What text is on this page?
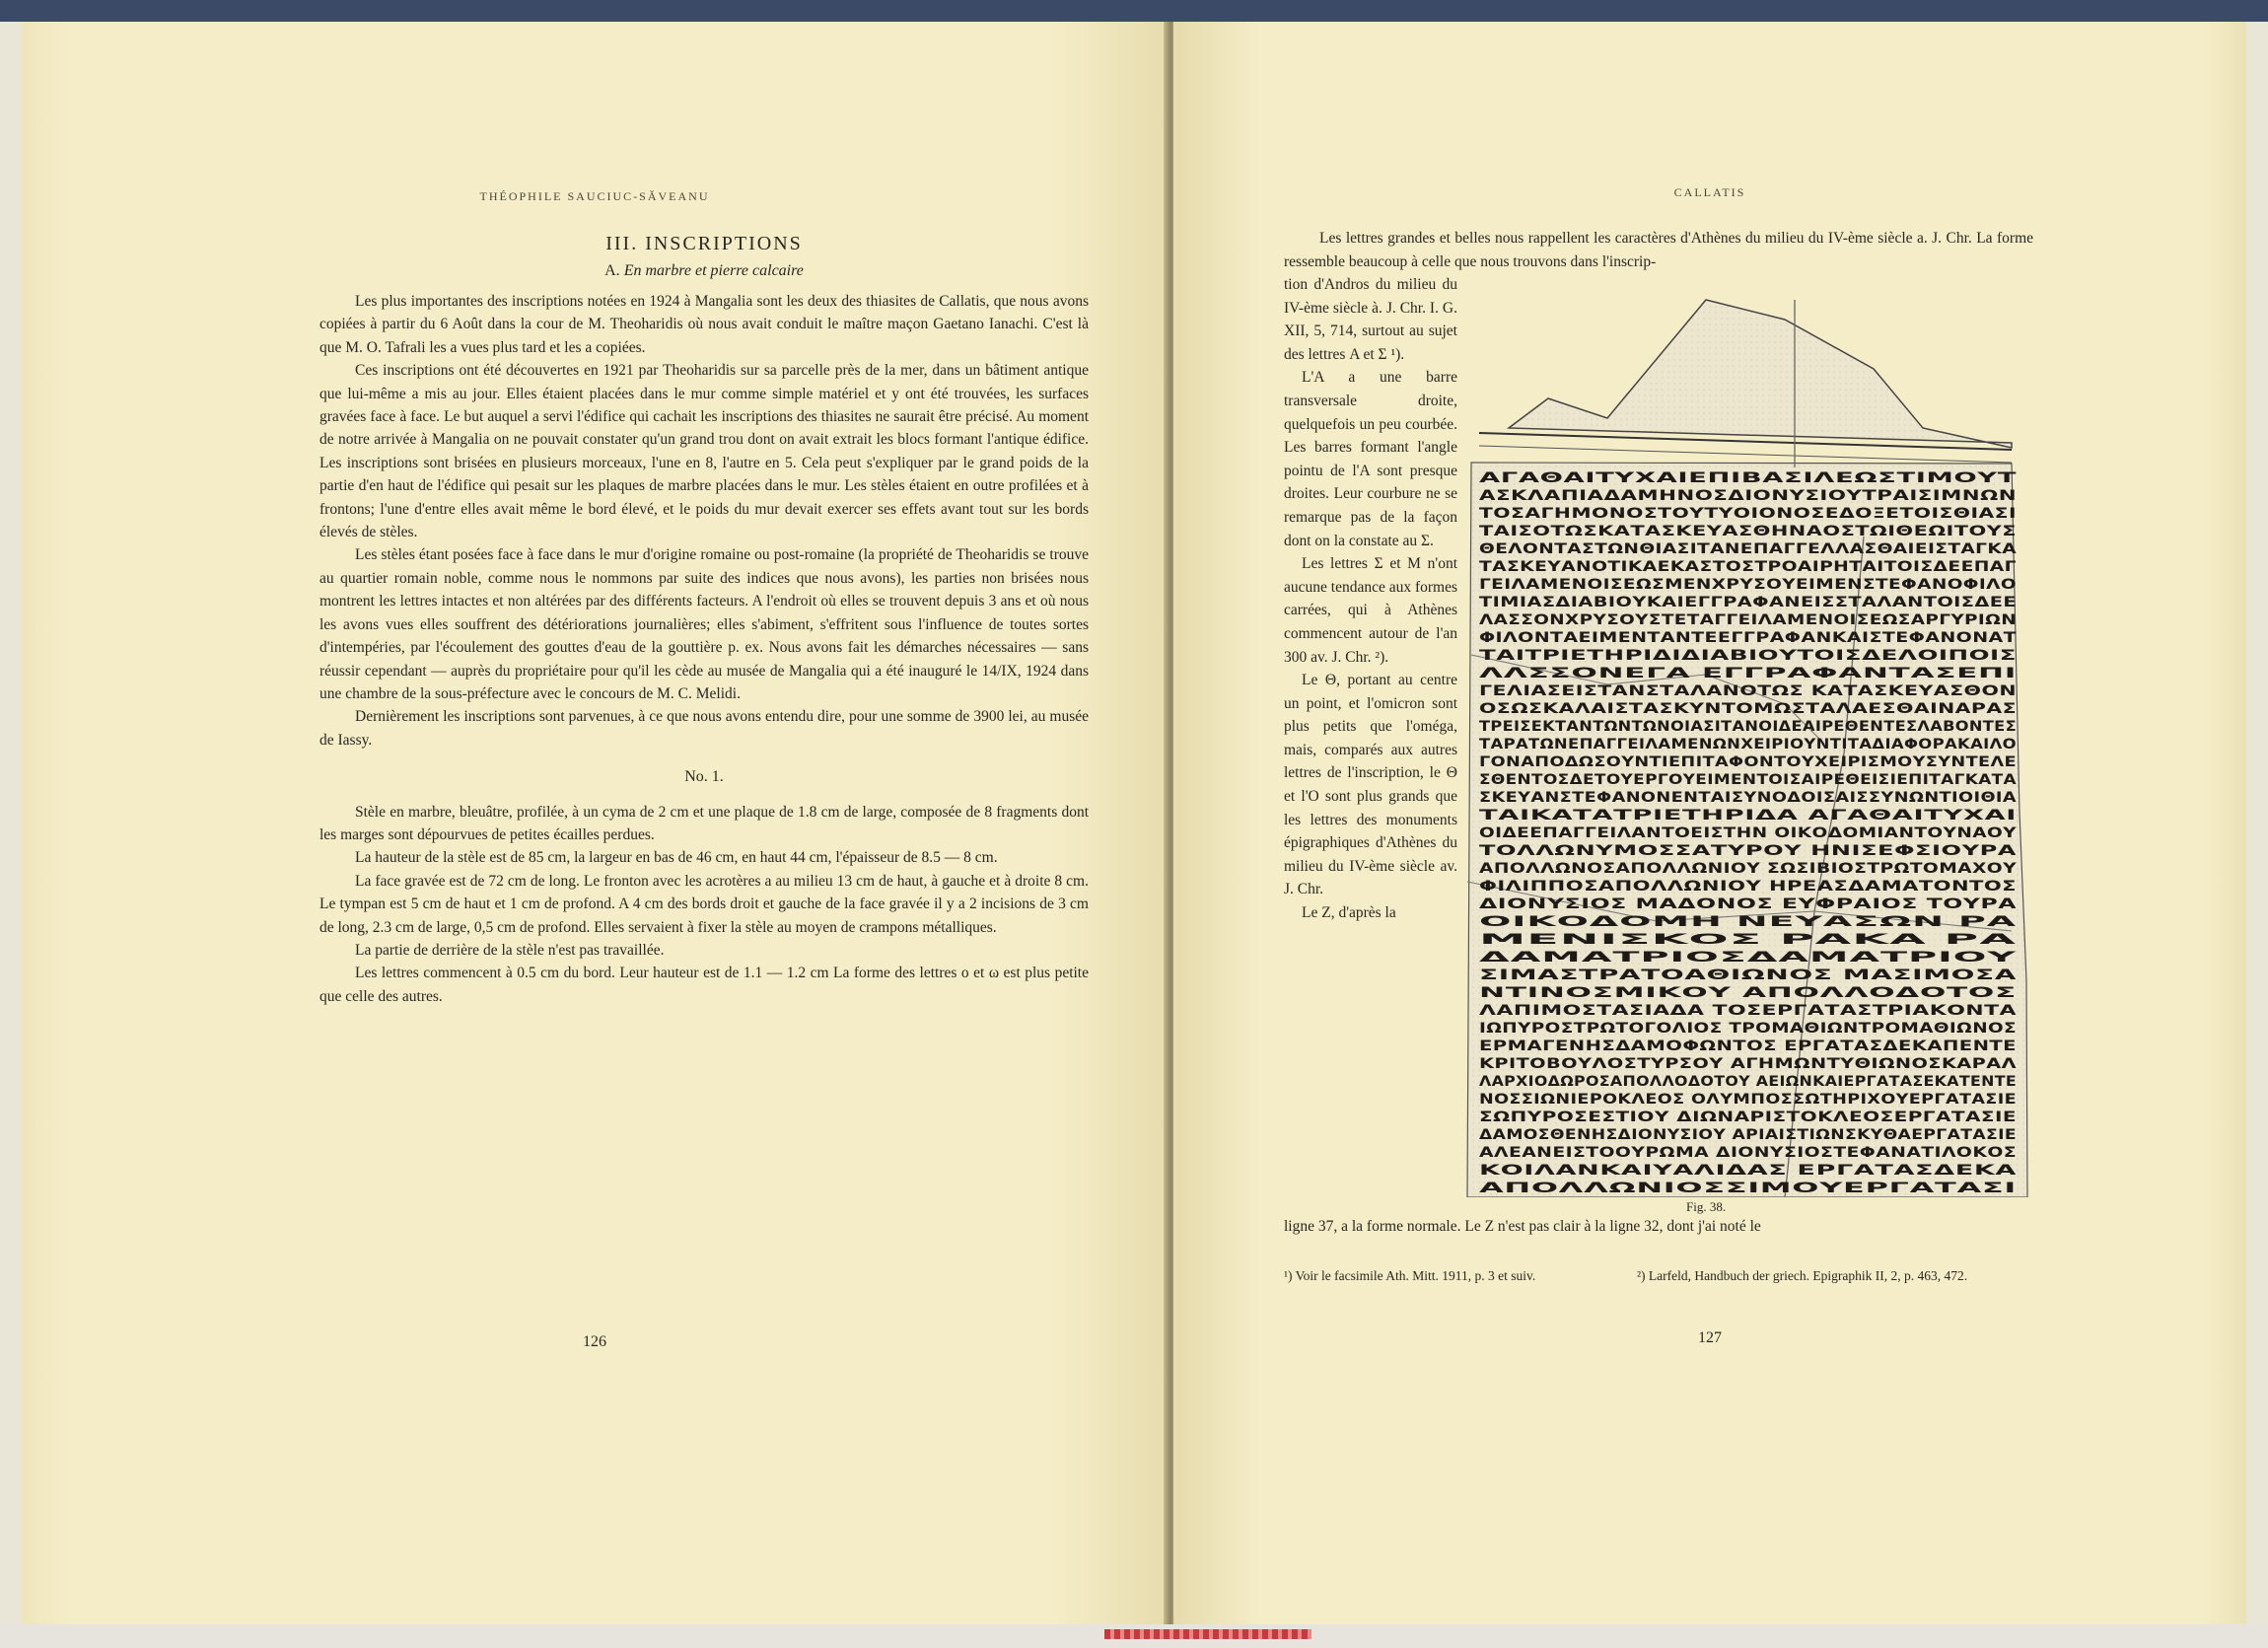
THÉOPHILE SAUCIUC-SĂVEANU
III. INSCRIPTIONS
A. En marbre et pierre calcaire

Les plus importantes des inscriptions notées en 1924 à Mangalia sont les deux des thiasites de Callatis, que nous avons copiées à partir du 6 Août dans la cour de M. Theoharidis où nous avait conduit le maître maçon Gaetano Ianachi. C'est là que M. O. Tafrali les a vues plus tard et les a copiées.

Ces inscriptions ont été découvertes en 1921 par Theoharidis sur sa parcelle près de la mer, dans un bâtiment antique que lui-même a mis au jour. Elles étaient placées dans le mur comme simple matériel et y ont été trouvées, les surfaces gravées face à face. Le but auquel a servi l'édifice qui cachait les inscriptions des thiasites ne saurait être précisé. Au moment de notre arrivée à Mangalia on ne pouvait constater qu'un grand trou dont on avait extrait les blocs formant l'antique édifice. Les inscriptions sont brisées en plusieurs morceaux, l'une en 8, l'autre en 5. Cela peut s'expliquer par le grand poids de la partie d'en haut de l'édifice qui pesait sur les plaques de marbre placées dans le mur. Les stèles étaient en outre profilées et à frontons; l'une d'entre elles avait même le bord élevé, et le poids du mur devait exercer ses effets avant tout sur les bords élevés de stèles.

Les stèles étant posées face à face dans le mur d'origine romaine ou post-romaine (la propriété de Theoharidis se trouve au quartier romain noble, comme nous le nommons par suite des indices que nous avons), les parties non brisées nous montrent les lettres intactes et non altérées par des différents facteurs. A l'endroit où elles se trouvent depuis 3 ans et où nous les avons vues elles souffrent des détériorations journalières; elles s'abiment, s'effritent sous l'influence de toutes sortes d'intempéries, par l'écoulement des gouttes d'eau de la gouttière p. ex. Nous avons fait les démarches nécessaires — sans réussir cependant — auprès du propriétaire pour qu'il les cède au musée de Mangalia qui a été inauguré le 14/IX, 1924 dans une chambre de la sous-préfecture avec le concours de M. C. Melidi.

Dernièrement les inscriptions sont parvenues, à ce que nous avons entendu dire, pour une somme de 3900 lei, au musée de Iassy.

No. 1.

Stèle en marbre, bleuâtre, profilée, à un cyma de 2 cm et une plaque de 1.8 cm de large, composée de 8 fragments dont les marges sont dépourvues de petites écailles perdues.

La hauteur de la stèle est de 85 cm, la largeur en bas de 46 cm, en haut 44 cm, l'épaisseur de 8.5 — 8 cm.

La face gravée est de 72 cm de long. Le fronton avec les acrotères a au milieu 13 cm de haut, à gauche et à droite 8 cm. Le tympan est 5 cm de haut et 1 cm de profond. A 4 cm des bords droit et gauche de la face gravée il y a 2 incisions de 3 cm de long, 2.3 cm de large, 0,5 cm de profond. Elles servaient à fixer la stèle au moyen de crampons métalliques.

La partie de derrière de la stèle n'est pas travaillée.

Les lettres commencent à 0.5 cm du bord. Leur hauteur est de 1.1 — 1.2 cm La forme des lettres ο et ω est plus petite que celle des autres.

126
CALLATIS

Les lettres grandes et belles nous rappellent les caractères d'Athènes du milieu du IV-ème siècle a. J. Chr. La forme ressemble beaucoup à celle que nous trouvons dans l'inscrip-

tion d'Andros du milieu du IV-ème siècle à. J. Chr. I. G. XII, 5, 714, surtout au sujet des lettres Α et Σ ¹).

L'Α a une barre transversale droite, quelquefois un peu courbée. Les barres formant l'angle pointu de l'Α sont presque droites. Leur courbure ne se remarque pas de la façon dont on la constate au Σ.

Les lettres Σ et Μ n'ont aucune tendance aux formes carrées, qui à Athènes commencent autour de l'an 300 av. J. Chr. ²).

Le Θ, portant au centre un point, et l'omicron sont plus petits que l'oméga, mais, comparés aux autres lettres de l'inscription, le Θ et l'Ο sont plus grands que les lettres des monuments épigraphiques d'Athènes du milieu du IV-ème siècle av. J. Chr.

Le Ζ, d'après la

ΑΓΑΘΑΙΤΥΧΑΙΕΠΙΒΑΣΙΛΕΩΣΤΙΜΟΥΤ
ΑΣΚΛΑΠΙΑΔΑΜΗΝΟΣΔΙΟΝΥΣΙΟΥΤΡΑΙΣΙΜΝΩΝ
ΤΟΣΑΓΗΜΟΝΟΣΤΟΥΤΥΟΙΟΝΟΣΕΔΟΞΕΤΟΙΣΘΙΑΣΙ
ΤΑΙΣΟΤΩΣΚΑΤΑΣΚΕΥΑΣΘΗΝΑΟΣΤΩΙΘΕΩΙΤΟΥΣ
ΘΕΛΟΝΤΑΣΤΩΝΘΙΑΣΙΤΑΝΕΠΑΓΓΕΛΛΑΣΘΑΙΕΙΣΤΑΓΚΑ
ΤΑΣΚΕΥΑΝΟΤΙΚΑΕΚΑΣΤΟΣΤΡΟΑΙΡΗΤΑΙΤΟΙΣΔΕΕΠΑΓ
ΓΕΙΛΑΜΕΝΟΙΣΕΩΣΜΕΝΧΡΥΣΟΥΕΙΜΕΝΣΤΕΦΑΝΟΦΙΛΟ
ΤΙΜΙΑΣΔΙΑΒΙΟΥΚΑΙΕΓΓΡΑΦΑΝΕΙΣΣΤΑΛΑΝΤΟΙΣΔΕΕ
ΛΑΣΣΟΝΧΡΥΣΟΥΣΤΕΤΑΓΓΕΙΛΑΜΕΝΟΙΣΕΩΣΑΡΓΥΡΙΩΝ
ΦΙΛΟΝΤΑΕΙΜΕΝΤΑΝΤΕΕΓΓΡΑΦΑΝΚΑΙΣΤΕΦΑΝΟΝΑΤ
ΤΑΙΤΡΙΕΤΗΡΙΔΙΔΙΑΒΙΟΥΤΟΙΣΔΕΛΟΙΠΟΙΣ
ΛΛΣΣΟΝΕΓΑ ΕΓΓΡΑΦΑΝΤΑΣΕΠΙ
ΓΕΛΙΑΣΕΙΣΤΑΝΣΤΑΛΑΝΟΤΩΣ ΚΑΤΑΣΚΕΥΑΣΘΟΝ
ΟΣΩΣΚΑΛΑΙΣΤΑΣΚΥΝΤΟΜΩΣΤΑΛΑΕΣΘΑΙΝΑΡΑΣ
ΤΡΕΙΣΕΚΤΑΝΤΩΝΤΩΝΟΙΑΣΙΤΑΝΟΙΔΕΑΙΡΕΘΕΝΤΕΣΛΑΒΟΝΤΕΣ
ΤΑΡΑΤΩΝΕΠΑΓΓΕΙΛΑΜΕΝΩΝΧΕΙΡΙΟΥΝΤΙΤΑΔΙΑΦΟΡΑΚΑΙΛΟ
ΓΟΝΑΠΟΔΩΣΟΥΝΤΙΕΠΙΤΑΦΟΝΤΟΥΧΕΙΡΙΣΜΟΥΣΥΝΤΕΛΕ
ΣΘΕΝΤΟΣΔΕΤΟΥΕΡΓΟΥΕΙΜΕΝΤΟΙΣΑΙΡΕΘΕΙΣΙΕΠΙΤΑΓΚΑΤΑ
ΣΚΕΥΑΝΣΤΕΦΑΝΟΝΕΝΤΑΙΣΥΝΟΔΟΙΣΑΙΣΣΥΝΩΝΤΙΟΙΘΙΑ
ΤΑΙΚΑΤΑΤΡΙΕΤΗΡΙΔΑ ΑΓΑΘΑΙΤΥΧΑΙ
ΟΙΔΕΕΠΑΓΓΕΙΛΑΝΤΟΕΙΣΤΗΝ ΟΙΚΟΔΟΜΙΑΝΤΟΥΝΑΟΥ
ΤΟΛΛΩΝΥΜΟΣΣΑΤΥΡΟΥ ΗΝΙΣΕΦΣΙΟΥΡΑ
ΑΠΟΛΛΩΝΟΣΑΠΟΛΛΩΝΙΟΥ ΣΩΣΙΒΙΟΣΤΡΩΤΟΜΑΧΟΥ
ΦΙΛΙΠΠΟΣΑΠΟΛΛΩΝΙΟΥ ΗΡΕΑΣΔΑΜΑΤΟΝΤΟΣ
ΔΙΟΝΥΣΙΟΣ ΜΑΔΟΝΟΣ ΕΥΦΡΑΙΟΣ ΤΟΥΡΑ
ΟΙΚΟΔΟΜΗ ΝΕΥΑΣΩΝ ΡΑ
ΜΕΝΙΣΚΟΣ ΡΑΚΑ ΡΑ
ΔΑΜΑΤΡΙΟΣΔΑΜΑΤΡΙΟΥ
ΣΙΜΑΣΤΡΑΤΟΑΘΙΩΝΟΣ ΜΑΣΙΜΟΣΑ
ΝΤΙΝΟΣΜΙΚΟΥ ΑΠΟΛΛΟΔΟΤΟΣ
ΛΑΠΙΜΟΣΤΑΣΙΑΔΑ ΤΟΣΕΡΓΑΤΑΣΤΡΙΑΚΟΝΤΑ
ΙΩΠΥΡΟΣΤΡΩΤΟΓΟΛΙΟΣ ΤΡΟΜΑΘΙΩΝΤΡΟΜΑΘΙΩΝΟΣ
ΕΡΜΑΓΕΝΗΣΔΑΜΟΦΩΝΤΟΣ ΕΡΓΑΤΑΣΔΕΚΑΠΕΝΤΕ
ΚΡΙΤΟΒΟΥΛΟΣΤΥΡΣΟΥ ΑΓΗΜΩΝΤΥΘΙΩΝΟΣΚΑΡΑΛ
ΛΑΡΧΙΟΔΩΡΟΣΑΠΟΛΛΟΔΟΤΟΥ ΑΕΙΩΝΚΑΙΕΡΓΑΤΑΣΕΚΑΤΕΝΤΕ
ΝΟΣΣΙΩΝΙΕΡΟΚΛΕΟΣ ΟΛΥΜΠΟΣΣΩΤΗΡΙΧΟΥΕΡΓΑΤΑΣΙΕ
ΣΩΠΥΡΟΣΕΣΤΙΟΥ ΔΙΩΝΑΡΙΣΤΟΚΛΕΟΣΕΡΓΑΤΑΣΙΕ
ΔΑΜΟΣΘΕΝΗΣΔΙΟΝΥΣΙΟΥ ΑΡΙΑΙΣΤΙΩΝΣΚΥΘΑΕΡΓΑΤΑΣΙΕ
ΑΛΕΑΝΕΙΣΤΟΟΥΡΩΜΑ ΔΙΟΝΥΣΙΟΣΤΕΦΑΝΑΤΙΛΟΚΟΣ
ΚΟΙΛΑΝΚΑΙΥΑΛΙΔΑΣ ΕΡΓΑΤΑΣΔΕΚΑ
ΑΠΟΛΛΩΝΙΟΣΣΙΜΟΥΕΡΓΑΤΑΣΙ
Fig. 38.

ligne 37, a la forme normale. Le Ζ n'est pas clair à la ligne 32, dont j'ai noté le

¹) Voir le facsimile Ath. Mitt. 1911, p. 3 et suiv.	²) Larfeld, Handbuch der griech. Epigraphik II, 2, p. 463, 472.
127
